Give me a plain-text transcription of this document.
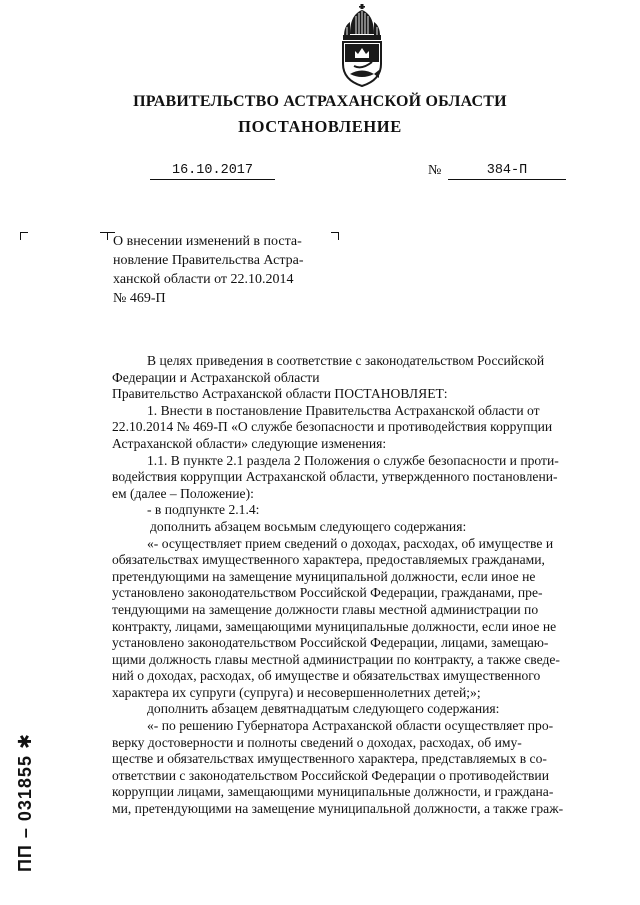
ПРАВИТЕЛЬСТВО АСТРАХАНСКОЙ ОБЛАСТИ
ПОСТАНОВЛЕНИЕ
16.10.2017	№	384-П
О внесении изменений в поста-
новление Правительства Астра-
ханской области от 22.10.2014
№ 469-П
В целях приведения в соответствие с законодательством Российской
Федерации и Астраханской области
Правительство Астраханской области ПОСТАНОВЛЯЕТ:
1. Внести в постановление Правительства Астраханской области от
22.10.2014 № 469-П «О службе безопасности и противодействия коррупции
Астраханской области» следующие изменения:
1.1. В пункте 2.1 раздела 2 Положения о службе безопасности и проти-
водействия коррупции Астраханской области, утвержденного постановлени-
ем (далее – Положение):
- в подпункте 2.1.4:
дополнить абзацем восьмым следующего содержания:
«- осуществляет прием сведений о доходах, расходах, об имуществе и
обязательствах имущественного характера, предоставляемых гражданами,
претендующими на замещение муниципальной должности, если иное не
установлено законодательством Российской Федерации, гражданами, пре-
тендующими на замещение должности главы местной администрации по
контракту, лицами, замещающими муниципальные должности, если иное не
установлено законодательством Российской Федерации, лицами, замещаю-
щими должность главы местной администрации по контракту, а также сведе-
ний о доходах, расходах, об имуществе и обязательствах имущественного
характера их супруги (супруга) и несовершеннолетних детей;»;
дополнить абзацем девятнадцатым следующего содержания:
«- по решению Губернатора Астраханской области осуществляет про-
верку достоверности и полноты сведений о доходах, расходах, об иму-
ществе и обязательствах имущественного характера, представляемых в со-
ответствии с законодательством Российской Федерации о противодействии
коррупции лицами, замещающими муниципальные должности, и граждана-
ми, претендующими на замещение муниципальной должности, а также граж-
ПП – 031855 ✱
